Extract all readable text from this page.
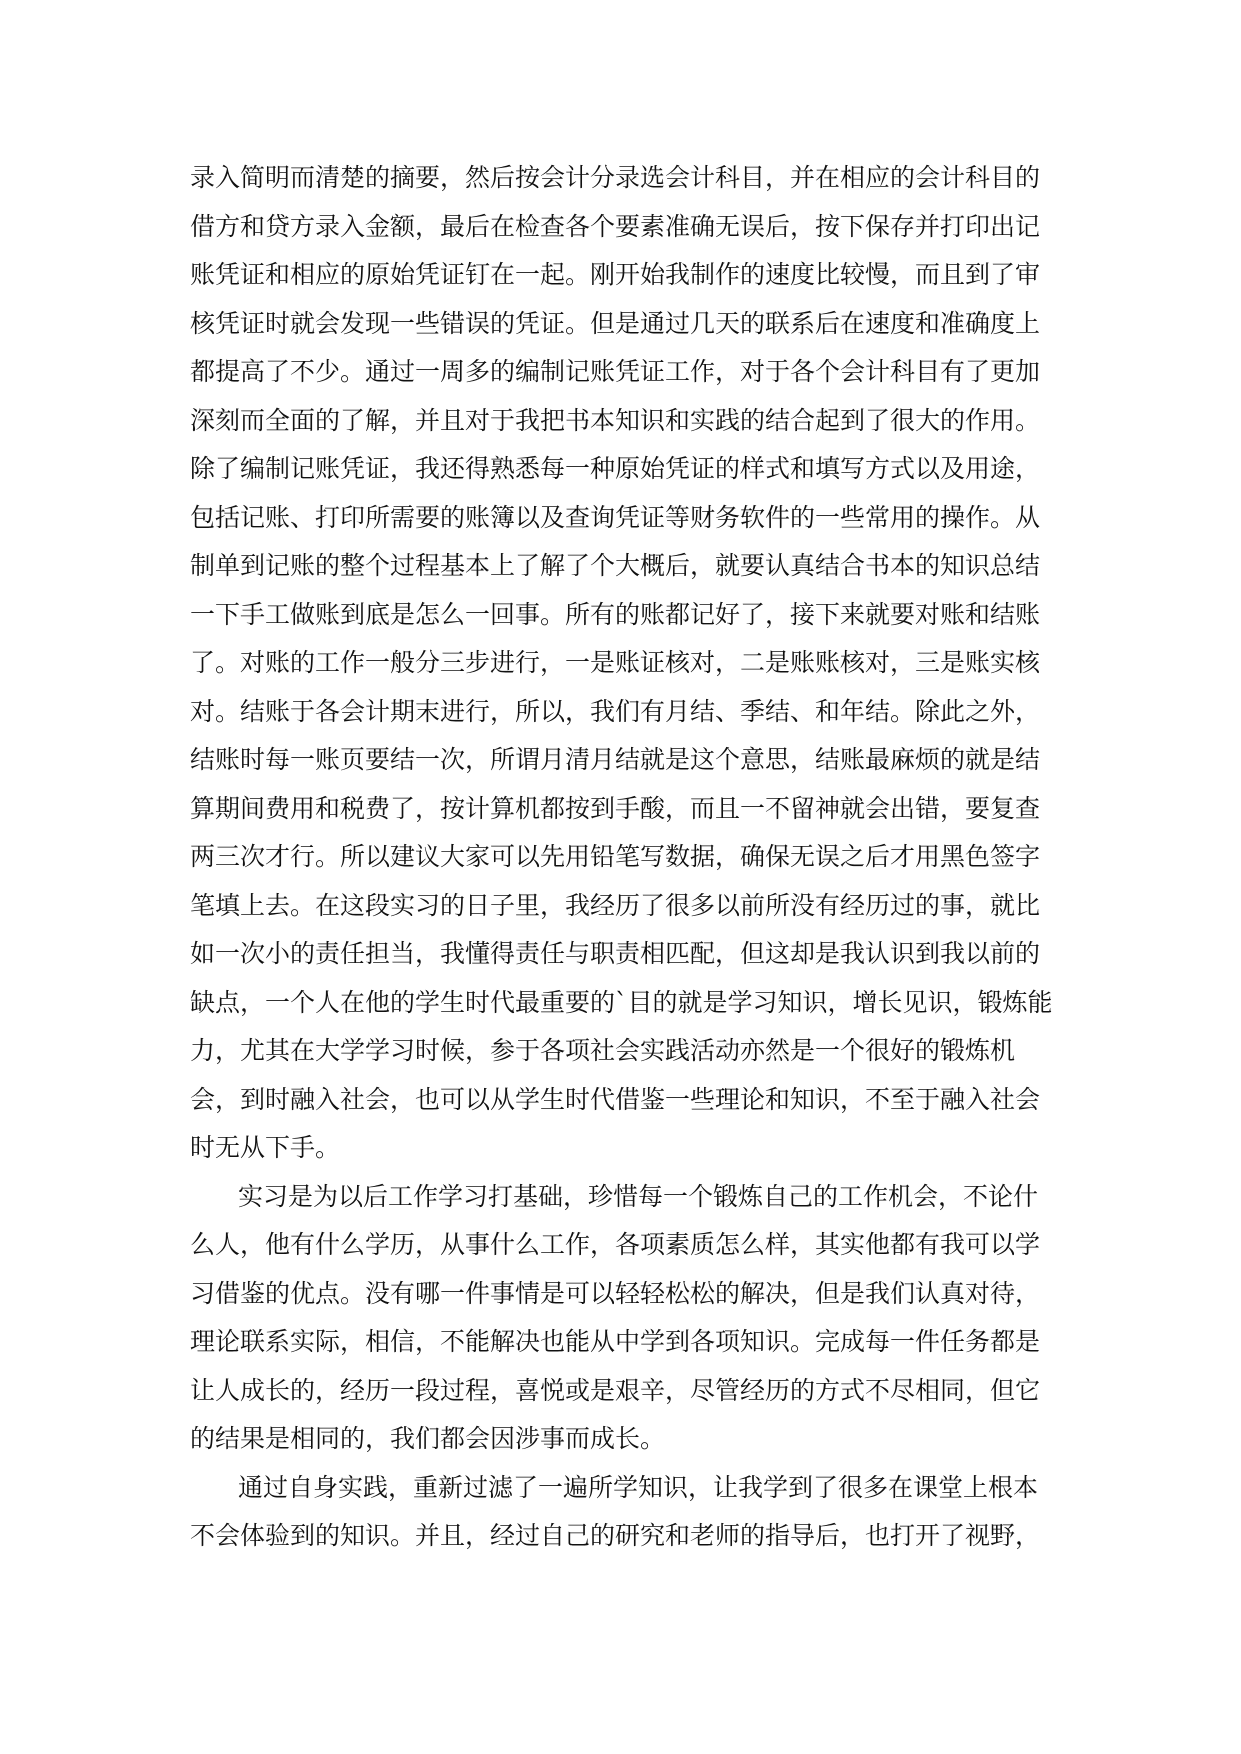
录入简明而清楚的摘要，然后按会计分录选会计科目，并在相应的会计科目的
借方和贷方录入金额，最后在检查各个要素准确无误后，按下保存并打印出记
账凭证和相应的原始凭证钉在一起。刚开始我制作的速度比较慢，而且到了审
核凭证时就会发现一些错误的凭证。但是通过几天的联系后在速度和准确度上
都提高了不少。通过一周多的编制记账凭证工作，对于各个会计科目有了更加
深刻而全面的了解，并且对于我把书本知识和实践的结合起到了很大的作用。
除了编制记账凭证，我还得熟悉每一种原始凭证的样式和填写方式以及用途，
包括记账、打印所需要的账簿以及查询凭证等财务软件的一些常用的操作。从
制单到记账的整个过程基本上了解了个大概后，就要认真结合书本的知识总结
一下手工做账到底是怎么一回事。所有的账都记好了，接下来就要对账和结账
了。对账的工作一般分三步进行，一是账证核对，二是账账核对，三是账实核
对。结账于各会计期末进行，所以，我们有月结、季结、和年结。除此之外，
结账时每一账页要结一次，所谓月清月结就是这个意思，结账最麻烦的就是结
算期间费用和税费了，按计算机都按到手酸，而且一不留神就会出错，要复查
两三次才行。所以建议大家可以先用铅笔写数据，确保无误之后才用黑色签字
笔填上去。在这段实习的日子里，我经历了很多以前所没有经历过的事，就比
如一次小的责任担当，我懂得责任与职责相匹配，但这却是我认识到我以前的
缺点，一个人在他的学生时代最重要的`目的就是学习知识，增长见识，锻炼能
力，尤其在大学学习时候，参于各项社会实践活动亦然是一个很好的锻炼机
会，到时融入社会，也可以从学生时代借鉴一些理论和知识，不至于融入社会
时无从下手。
实习是为以后工作学习打基础，珍惜每一个锻炼自己的工作机会，不论什
么人，他有什么学历，从事什么工作，各项素质怎么样，其实他都有我可以学
习借鉴的优点。没有哪一件事情是可以轻轻松松的解决，但是我们认真对待，
理论联系实际，相信，不能解决也能从中学到各项知识。完成每一件任务都是
让人成长的，经历一段过程，喜悦或是艰辛，尽管经历的方式不尽相同，但它
的结果是相同的，我们都会因涉事而成长。
通过自身实践，重新过滤了一遍所学知识，让我学到了很多在课堂上根本
不会体验到的知识。并且，经过自己的研究和老师的指导后，也打开了视野，
